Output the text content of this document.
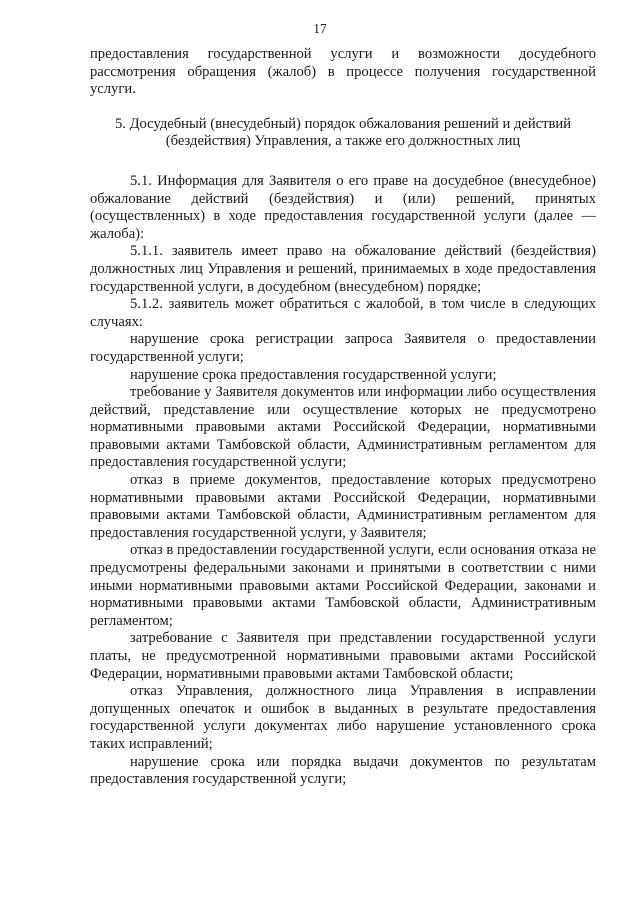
17

предоставления государственной услуги и возможности досудебного рассмотрения обращения (жалоб) в процессе получения государственной услуги.

5. Досудебный (внесудебный) порядок обжалования решений и действий (бездействия) Управления, а также его должностных лиц

5.1. Информация для Заявителя о его праве на досудебное (внесудебное) обжалование действий (бездействия) и (или) решений, принятых (осуществленных) в ходе предоставления государственной услуги (далее — жалоба):

5.1.1. заявитель имеет право на обжалование действий (бездействия) должностных лиц Управления и решений, принимаемых в ходе предоставления государственной услуги, в досудебном (внесудебном) порядке;

5.1.2. заявитель может обратиться с жалобой, в том числе в следующих случаях:

нарушение срока регистрации запроса Заявителя о предоставлении государственной услуги;

нарушение срока предоставления государственной услуги;

требование у Заявителя документов или информации либо осуществления действий, представление или осуществление которых не предусмотрено нормативными правовыми актами Российской Федерации, нормативными правовыми актами Тамбовской области, Административным регламентом для предоставления государственной услуги;

отказ в приеме документов, предоставление которых предусмотрено нормативными правовыми актами Российской Федерации, нормативными правовыми актами Тамбовской области, Административным регламентом для предоставления государственной услуги, у Заявителя;

отказ в предоставлении государственной услуги, если основания отказа не предусмотрены федеральными законами и принятыми в соответствии с ними иными нормативными правовыми актами Российской Федерации, законами и нормативными правовыми актами Тамбовской области, Административным регламентом;

затребование с Заявителя при представлении государственной услуги платы, не предусмотренной нормативными правовыми актами Российской Федерации, нормативными правовыми актами Тамбовской области;

отказ Управления, должностного лица Управления в исправлении допущенных опечаток и ошибок в выданных в результате предоставления государственной услуги документах либо нарушение установленного срока таких исправлений;

нарушение срока или порядка выдачи документов по результатам предоставления государственной услуги;
